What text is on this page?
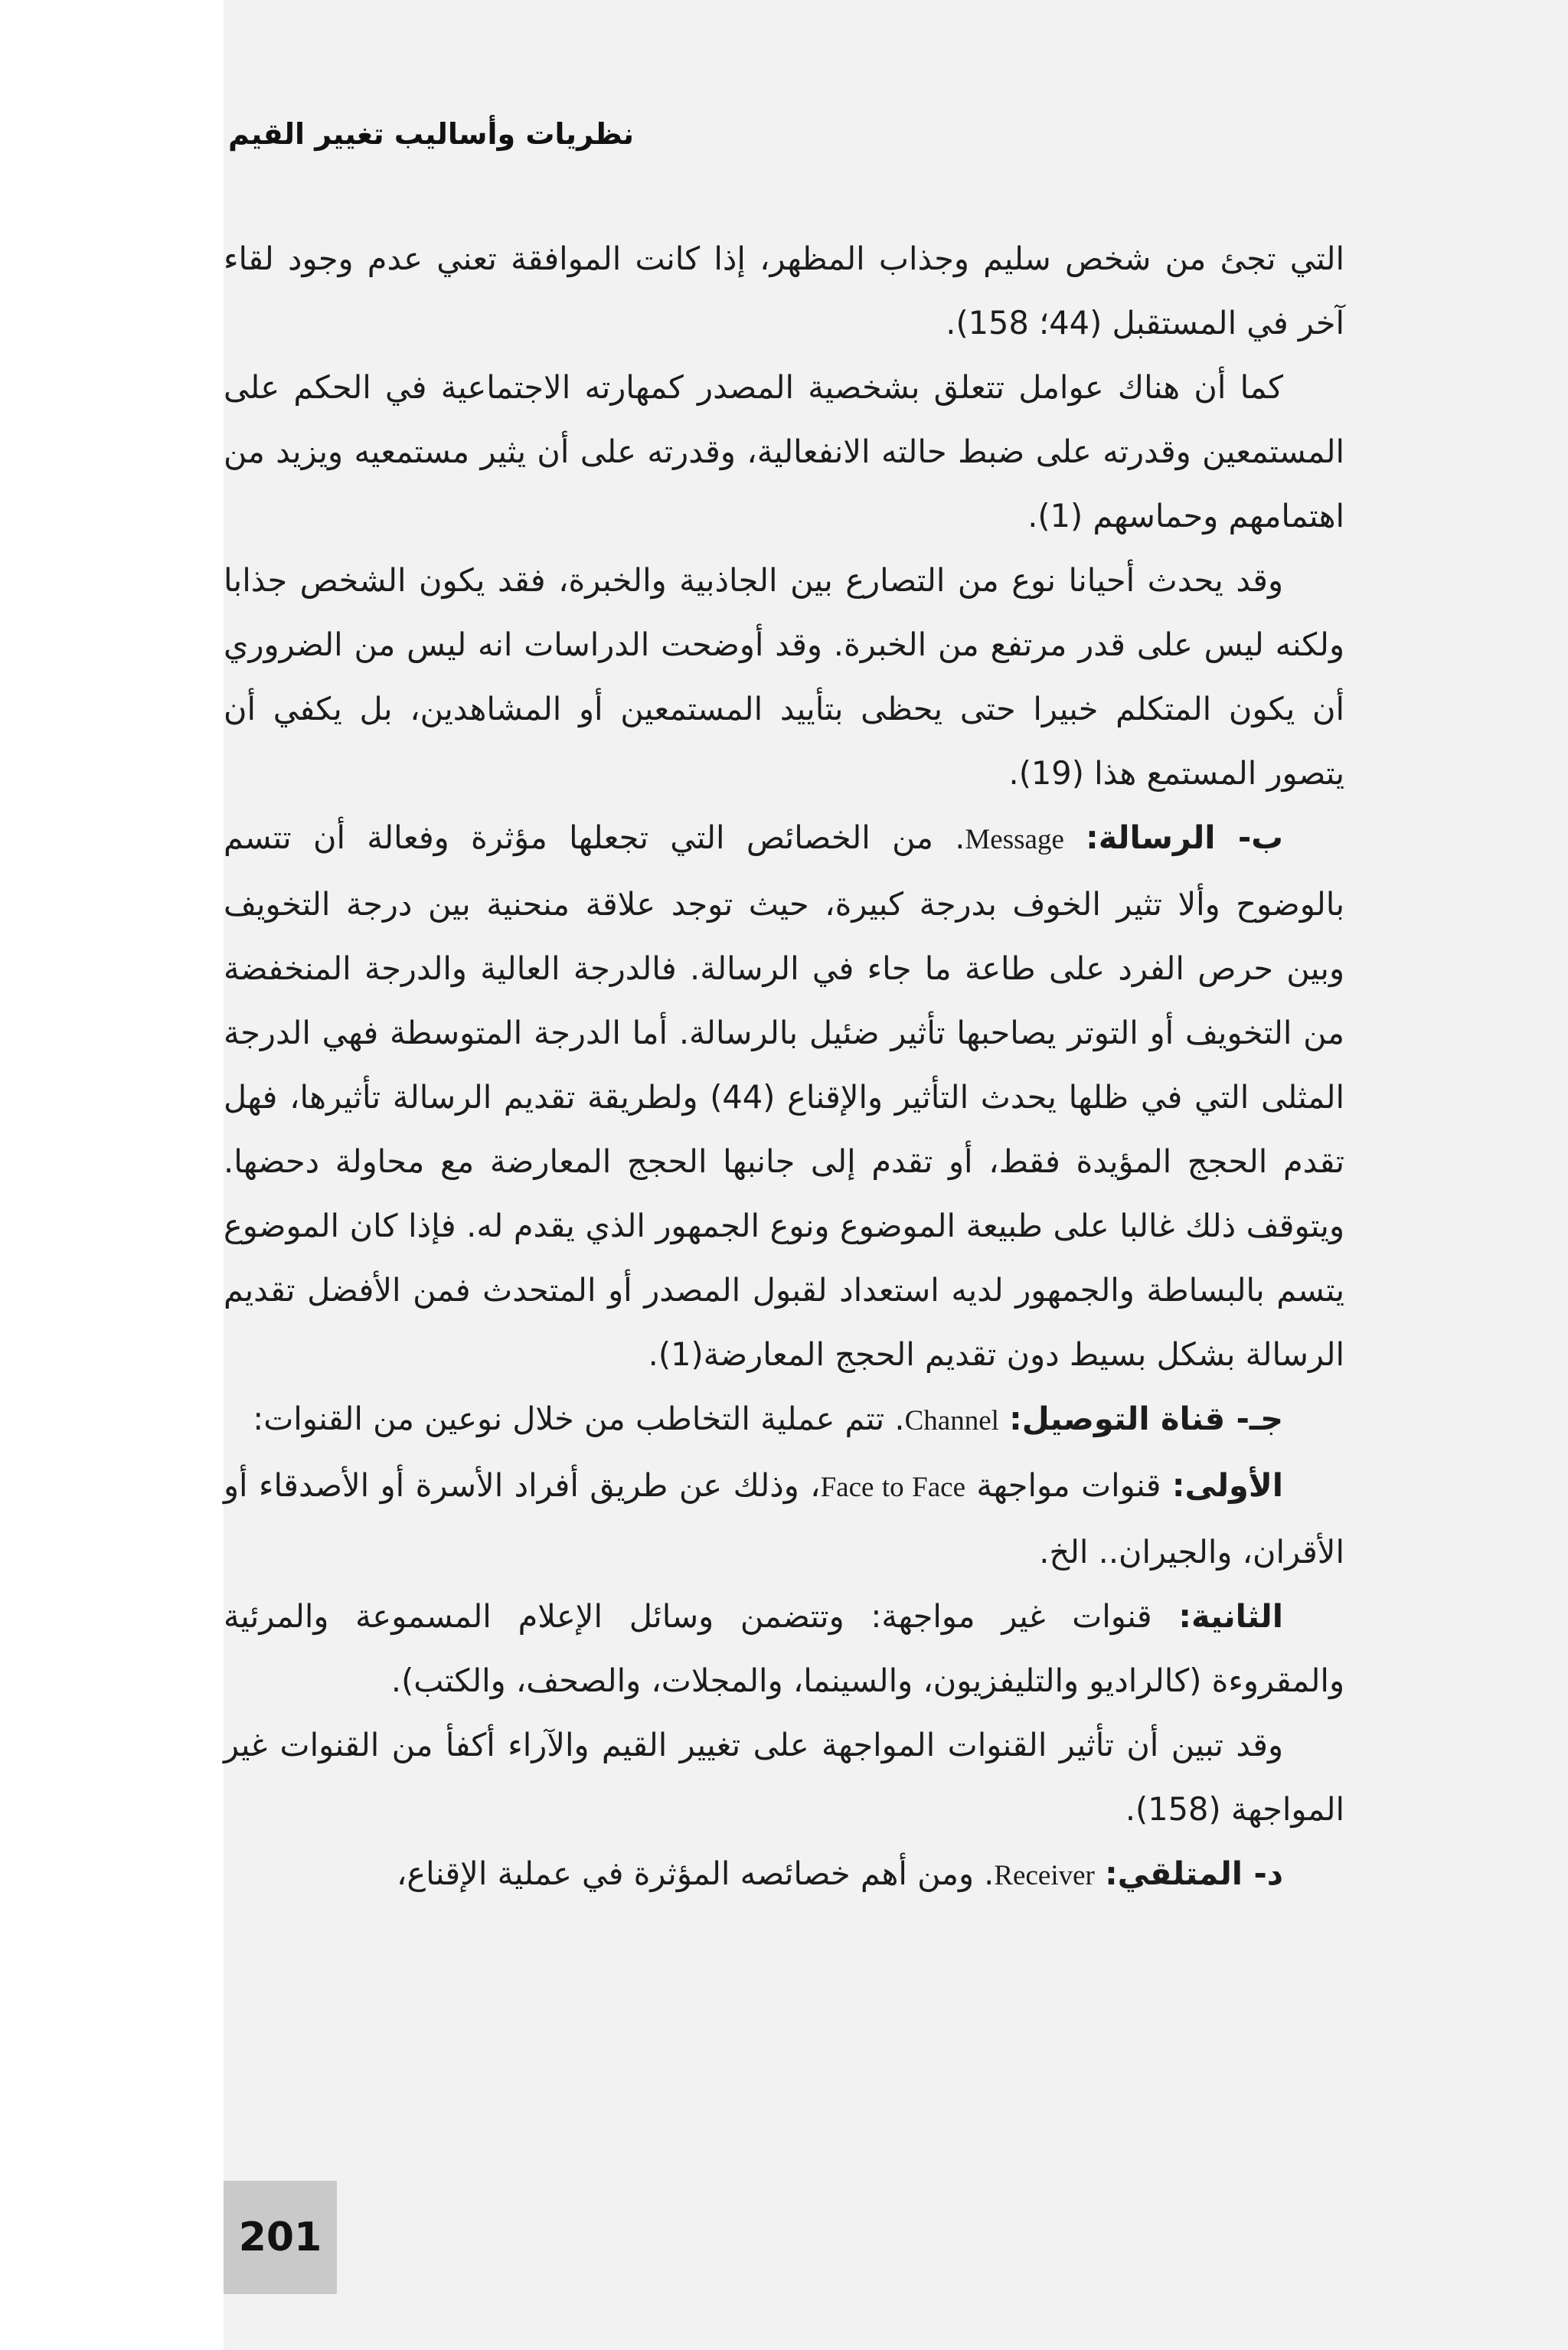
نظريات وأساليب تغيير القيم

التي تجئ من شخص سليم وجذاب المظهر، إذا كانت الموافقة تعني عدم وجود لقاء آخر في المستقبل (44؛ 158).

كما أن هناك عوامل تتعلق بشخصية المصدر كمهارته الاجتماعية في الحكم على المستمعين وقدرته على ضبط حالته الانفعالية، وقدرته على أن يثير مستمعيه ويزيد من اهتمامهم وحماسهم (1).

وقد يحدث أحيانا نوع من التصارع بين الجاذبية والخبرة، فقد يكون الشخص جذابا ولكنه ليس على قدر مرتفع من الخبرة. وقد أوضحت الدراسات انه ليس من الضروري أن يكون المتكلم خبيرا حتى يحظى بتأييد المستمعين أو المشاهدين، بل يكفي أن يتصور المستمع هذا (19).

ب- الرسالة: Message. من الخصائص التي تجعلها مؤثرة وفعالة أن تتسم بالوضوح وألا تثير الخوف بدرجة كبيرة، حيث توجد علاقة منحنية بين درجة التخويف وبين حرص الفرد على طاعة ما جاء في الرسالة. فالدرجة العالية والدرجة المنخفضة من التخويف أو التوتر يصاحبها تأثير ضئيل بالرسالة. أما الدرجة المتوسطة فهي الدرجة المثلى التي في ظلها يحدث التأثير والإقناع (44) ولطريقة تقديم الرسالة تأثيرها، فهل تقدم الحجج المؤيدة فقط، أو تقدم إلى جانبها الحجج المعارضة مع محاولة دحضها. ويتوقف ذلك غالبا على طبيعة الموضوع ونوع الجمهور الذي يقدم له. فإذا كان الموضوع يتسم بالبساطة والجمهور لديه استعداد لقبول المصدر أو المتحدث فمن الأفضل تقديم الرسالة بشكل بسيط دون تقديم الحجج المعارضة(1).

جـ- قناة التوصيل: Channel. تتم عملية التخاطب من خلال نوعين من القنوات:

الأولى: قنوات مواجهة Face to Face، وذلك عن طريق أفراد الأسرة أو الأصدقاء أو الأقران، والجيران.. الخ.

الثانية: قنوات غير مواجهة: وتتضمن وسائل الإعلام المسموعة والمرئية والمقروءة (كالراديو والتليفزيون، والسينما، والمجلات، والصحف، والكتب).

وقد تبين أن تأثير القنوات المواجهة على تغيير القيم والآراء أكفأ من القنوات غير المواجهة (158).

د- المتلقي: Receiver. ومن أهم خصائصه المؤثرة في عملية الإقناع،

201
